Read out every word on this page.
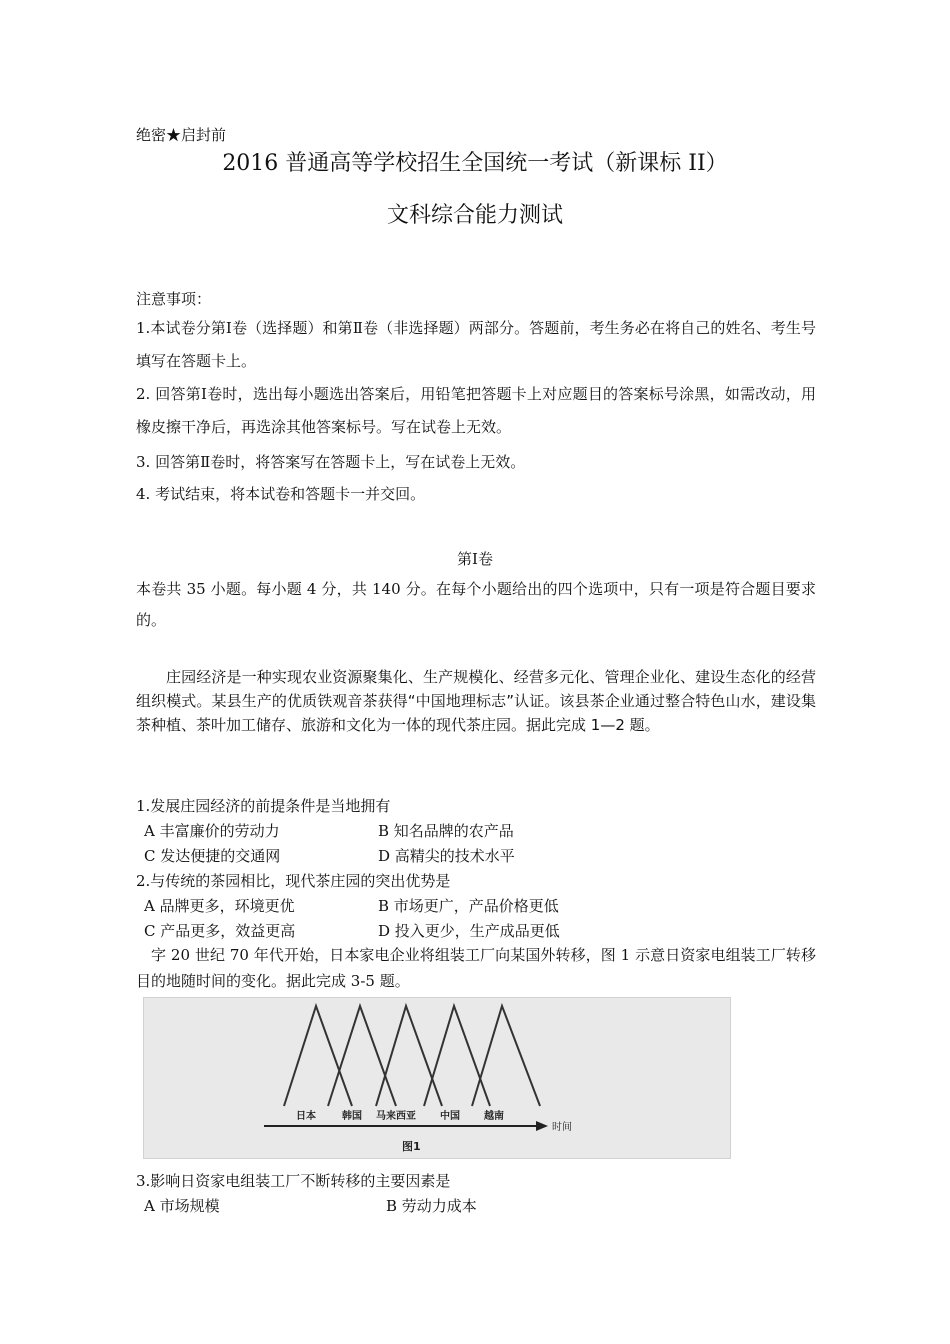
绝密★启封前
2016 普通高等学校招生全国统一考试（新课标 II）
文科综合能力测试
注意事项：
1.本试卷分第Ⅰ卷（选择题）和第Ⅱ卷（非选择题）两部分。答题前，考生务必在将自己的姓名、考生号填写在答题卡上。
2. 回答第Ⅰ卷时，选出每小题选出答案后，用铅笔把答题卡上对应题目的答案标号涂黑，如需改动，用橡皮擦干净后，再选涂其他答案标号。写在试卷上无效。
3. 回答第Ⅱ卷时，将答案写在答题卡上，写在试卷上无效。
4. 考试结束，将本试卷和答题卡一并交回。
第Ⅰ卷
本卷共 35 小题。每小题 4 分，共 140 分。在每个小题给出的四个选项中，只有一项是符合题目要求的。
庄园经济是一种实现农业资源聚集化、生产规模化、经营多元化、管理企业化、建设生态化的经营组织模式。某县生产的优质铁观音茶获得“中国地理标志”认证。该县茶企业通过整合特色山水，建设集茶种植、茶叶加工储存、旅游和文化为一体的现代茶庄园。据此完成 1—2 题。
1.发展庄园经济的前提条件是当地拥有
A 丰富廉价的劳动力	B 知名品牌的农产品
C 发达便捷的交通网	D 高精尖的技术水平
2.与传统的茶园相比，现代茶庄园的突出优势是
A 品牌更多，环境更优	B 市场更广，产品价格更低
C 产品更多，效益更高	D 投入更少，生产成品更低
字 20 世纪 70 年代开始，日本家电企业将组装工厂向某国外转移，图 1 示意日资家电组装工厂转移目的地随时间的变化。据此完成 3-5 题。
日本	韩国 马来西亚 中国 越南
时间
图1
3.影响日资家电组装工厂不断转移的主要因素是
A 市场规模	B 劳动力成本
